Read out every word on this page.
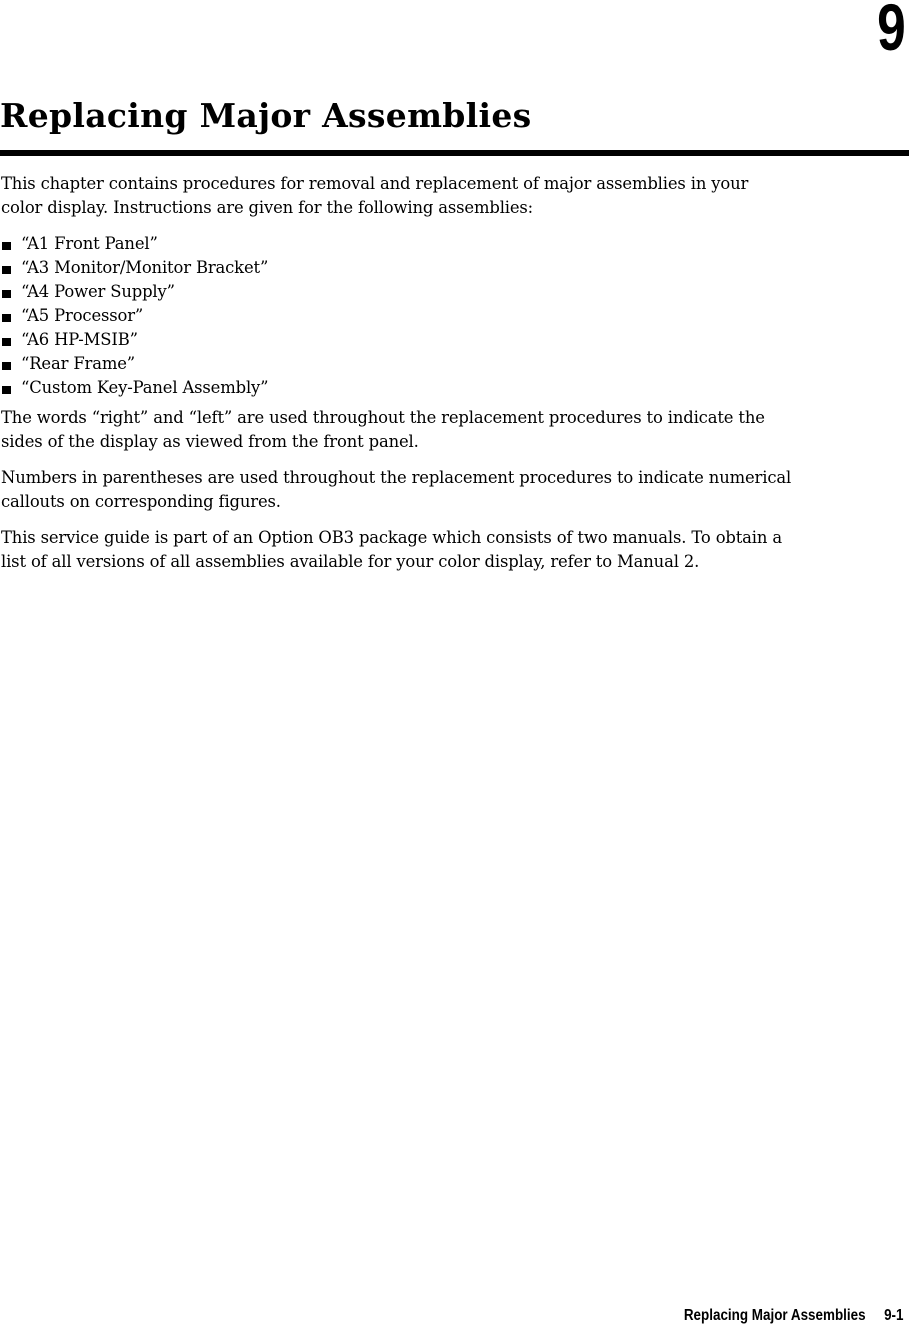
9
Replacing Major Assemblies

This chapter contains procedures for removal and replacement of major assemblies in your
color display. Instructions are given for the following assemblies:

“A1 Front Panel”
“A3 Monitor/Monitor Bracket”
“A4 Power Supply”
“A5 Processor”
“A6 HP-MSIB”
“Rear Frame”
“Custom Key-Panel Assembly”

The words “right” and “left” are used throughout the replacement procedures to indicate the
sides of the display as viewed from the front panel.

Numbers in parentheses are used throughout the replacement procedures to indicate numerical
callouts on corresponding figures.

This service guide is part of an Option OB3 package which consists of two manuals. To obtain a
list of all versions of all assemblies available for your color display, refer to Manual 2.

Replacing Major Assemblies 9-1
